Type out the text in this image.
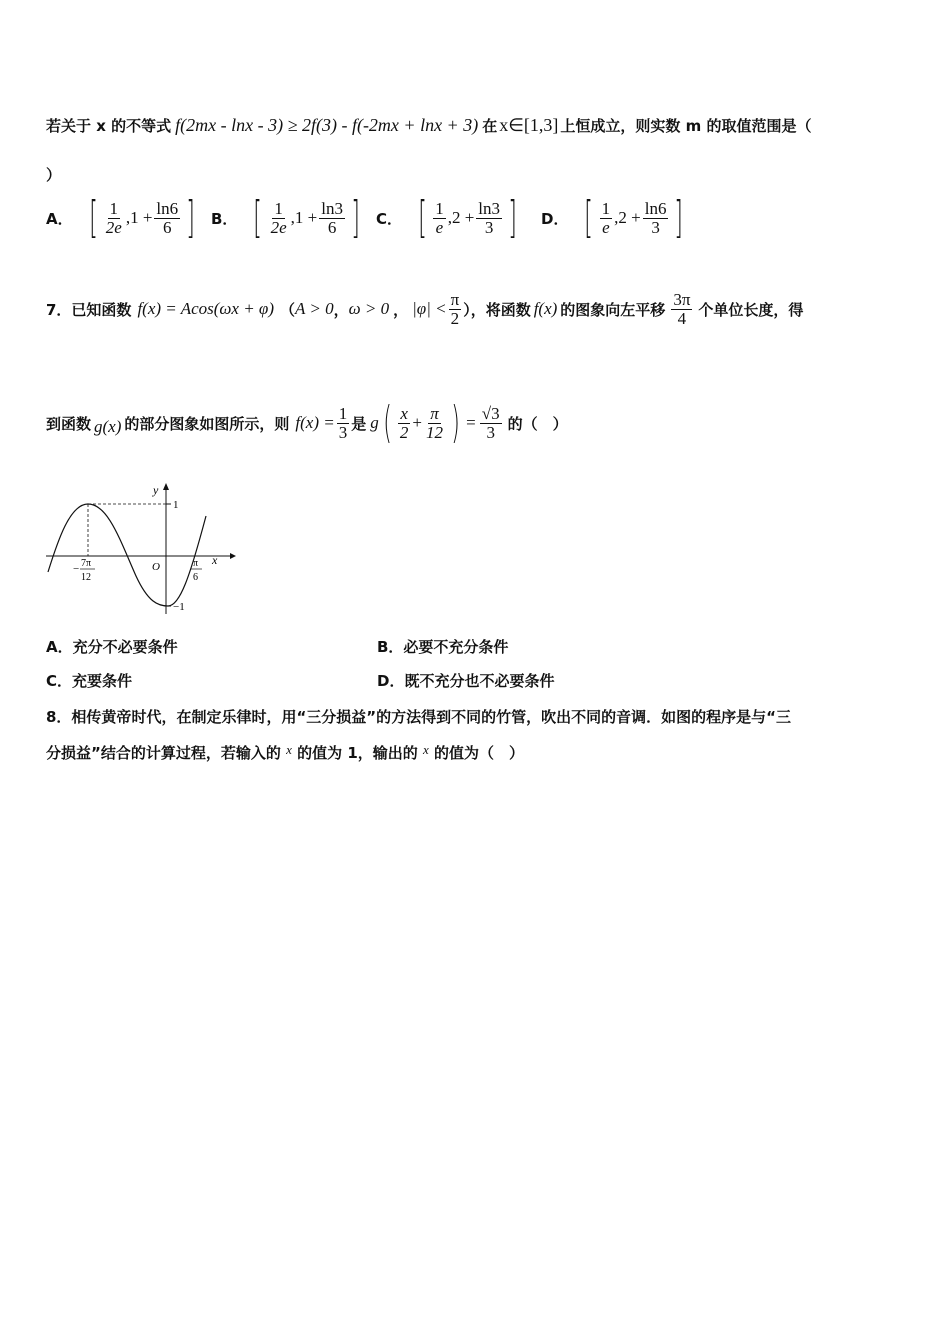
若关于 x 的不等式 f(2mx - lnx - 3) ≥ 2f(3) - f(-2mx + lnx + 3) 在 x∈[1,3] 上恒成立，则实数 m 的取值范围是（
）
A． [ $\frac{1}{2e} ,1 + \frac{\ln 6}{6}$ ] B． [ $\frac{1}{2e} ,1 + \frac{\ln 3}{6}$ ] C． [ $\frac{1}{e} ,2 + \frac{\ln 3}{3}$ ] D． [ $\frac{1}{e} ,2 + \frac{\ln 6}{3}$ ]
7．已知函数 f(x) = Acos(ωx + φ) （ A > 0 ， ω > 0 ， $|\varphi| < \frac{\pi}{2}$ ），将函数 f(x) 的图象向左平移 $\frac{3\pi}{4}$ 个单位长度，得
到函数 g(x) 的部分图象如图所示，则 $f(x) = \frac{1}{3}$ 是 g ( $\frac{x}{2} + \frac{\pi}{12}$ ) = $\frac{√3}{3}$ 的（　）
y
x
O
1
−1
− 7π
12
π
6
A．充分不必要条件	B．必要不充分条件
C．充要条件	D．既不充分也不必要条件
8．相传黄帝时代，在制定乐律时，用“三分损益”的方法得到不同的竹管，吹出不同的音调．如图的程序是与“三
分损益”结合的计算过程，若输入的 x 的值为 1，输出的 x 的值为（　）
